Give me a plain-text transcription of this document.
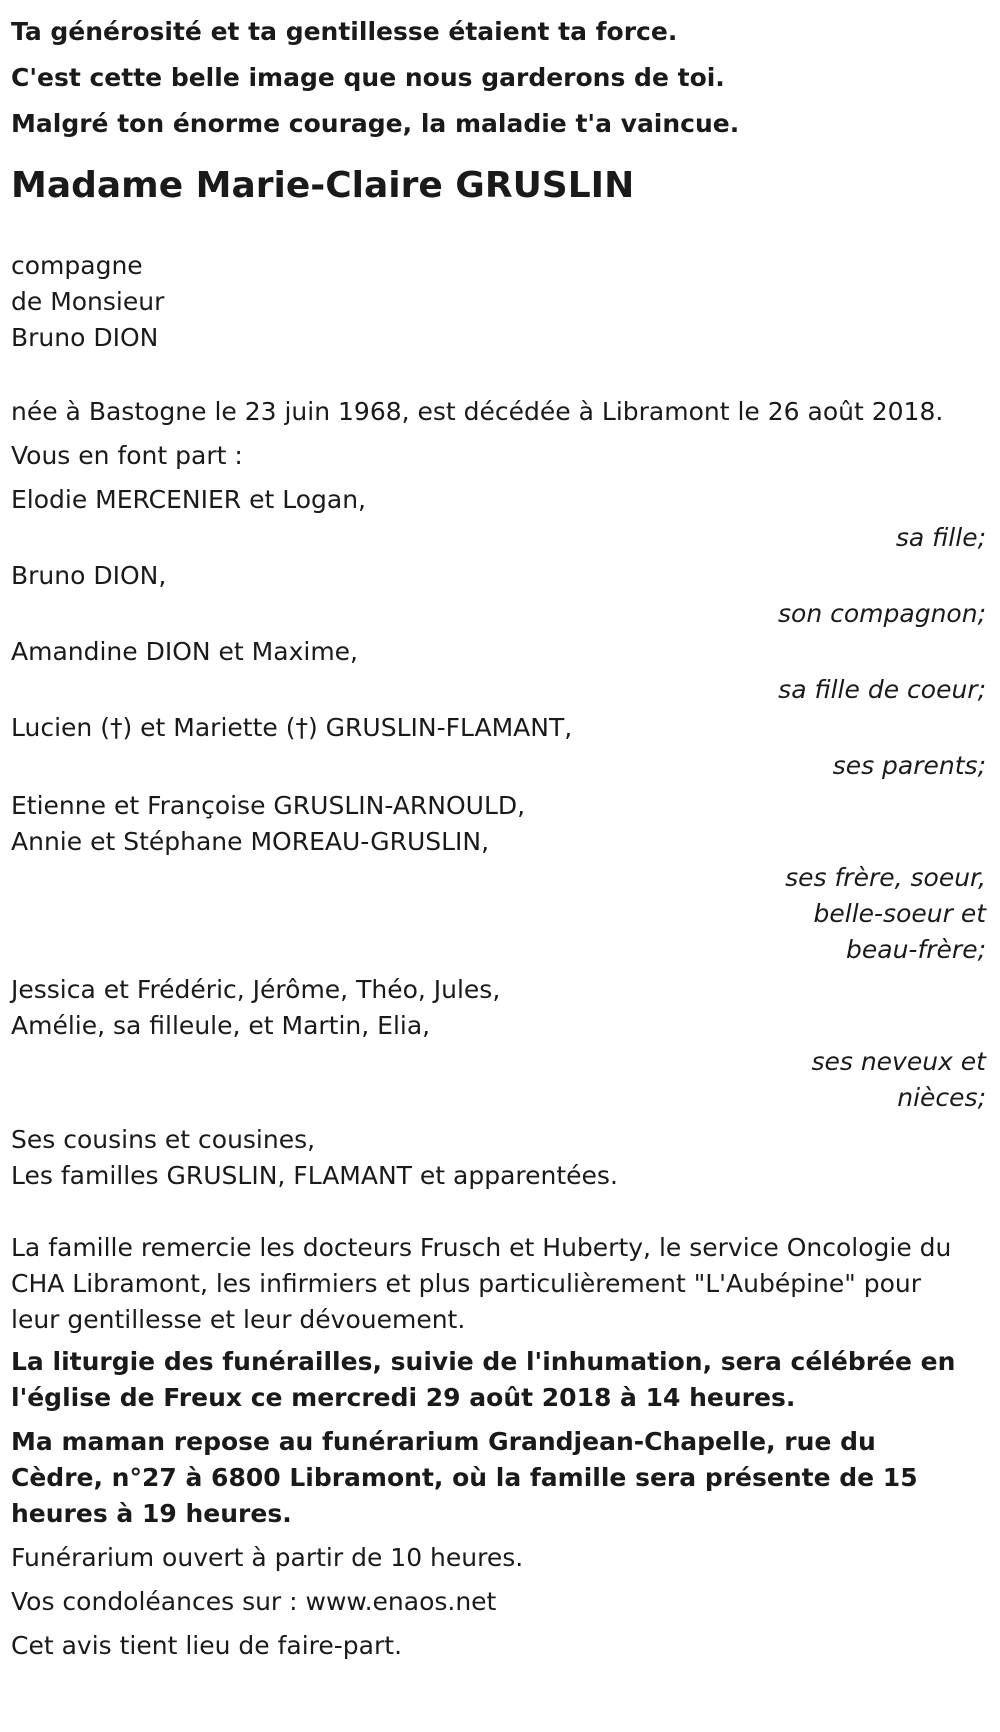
Ta générosité et ta gentillesse étaient ta force.
C'est cette belle image que nous garderons de toi.
Malgré ton énorme courage, la maladie t'a vaincue.
Madame Marie-Claire GRUSLIN
compagne
de Monsieur
Bruno DION
née à Bastogne le 23 juin 1968, est décédée à Libramont le 26 août 2018.
Vous en font part :
Elodie MERCENIER et Logan,
sa fille;
Bruno DION,
son compagnon;
Amandine DION et Maxime,
sa fille de coeur;
Lucien (†) et Mariette (†) GRUSLIN-FLAMANT,
ses parents;
Etienne et Françoise GRUSLIN-ARNOULD,
Annie et Stéphane MOREAU-GRUSLIN,
ses frère, soeur,
belle-soeur et
beau-frère;
Jessica et Frédéric, Jérôme, Théo, Jules,
Amélie, sa filleule, et Martin, Elia,
ses neveux et
nièces;
Ses cousins et cousines,
Les familles GRUSLIN, FLAMANT et apparentées.
La famille remercie les docteurs Frusch et Huberty, le service Oncologie du CHA Libramont, les infirmiers et plus particulièrement "L'Aubépine" pour leur gentillesse et leur dévouement.
La liturgie des funérailles, suivie de l'inhumation, sera célébrée en l'église de Freux ce mercredi 29 août 2018 à 14 heures.
Ma maman repose au funérarium Grandjean-Chapelle, rue du Cèdre, n°27 à 6800 Libramont, où la famille sera présente de 15 heures à 19 heures.
Funérarium ouvert à partir de 10 heures.
Vos condoléances sur : www.enaos.net
Cet avis tient lieu de faire-part.
